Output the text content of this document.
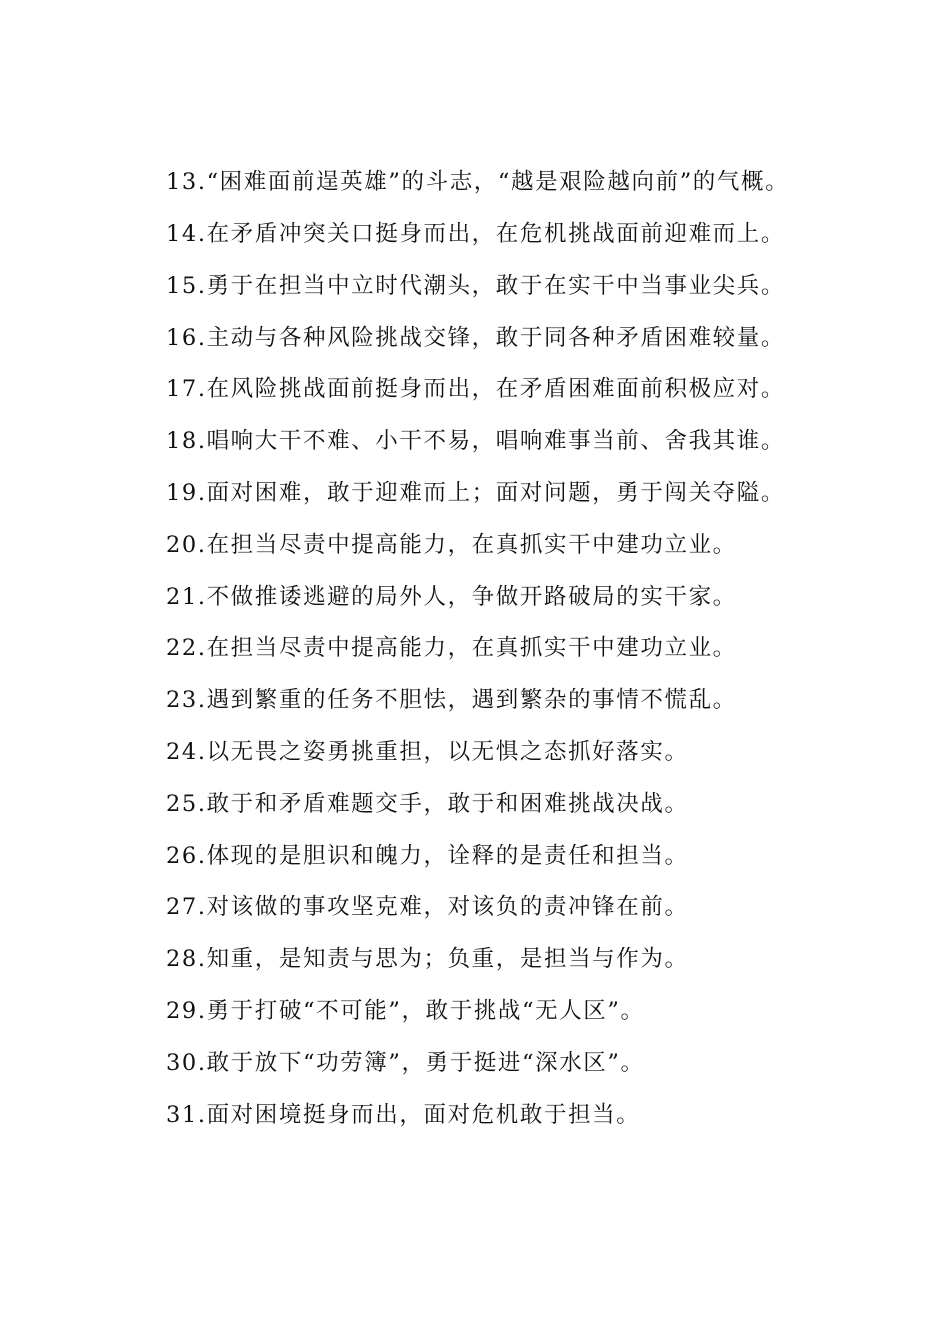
13.“困难面前逞英雄”的斗志，“越是艰险越向前”的气概。
14.在矛盾冲突关口挺身而出，在危机挑战面前迎难而上。
15.勇于在担当中立时代潮头，敢于在实干中当事业尖兵。
16.主动与各种风险挑战交锋，敢于同各种矛盾困难较量。
17.在风险挑战面前挺身而出，在矛盾困难面前积极应对。
18.唱响大干不难、小干不易，唱响难事当前、舍我其谁。
19.面对困难，敢于迎难而上；面对问题，勇于闯关夺隘。
20.在担当尽责中提高能力，在真抓实干中建功立业。
21.不做推诿逃避的局外人，争做开路破局的实干家。
22.在担当尽责中提高能力，在真抓实干中建功立业。
23.遇到繁重的任务不胆怯，遇到繁杂的事情不慌乱。
24.以无畏之姿勇挑重担，以无惧之态抓好落实。
25.敢于和矛盾难题交手，敢于和困难挑战决战。
26.体现的是胆识和魄力，诠释的是责任和担当。
27.对该做的事攻坚克难，对该负的责冲锋在前。
28.知重，是知责与思为；负重，是担当与作为。
29.勇于打破“不可能”，敢于挑战“无人区”。
30.敢于放下“功劳簿”，勇于挺进“深水区”。
31.面对困境挺身而出，面对危机敢于担当。
